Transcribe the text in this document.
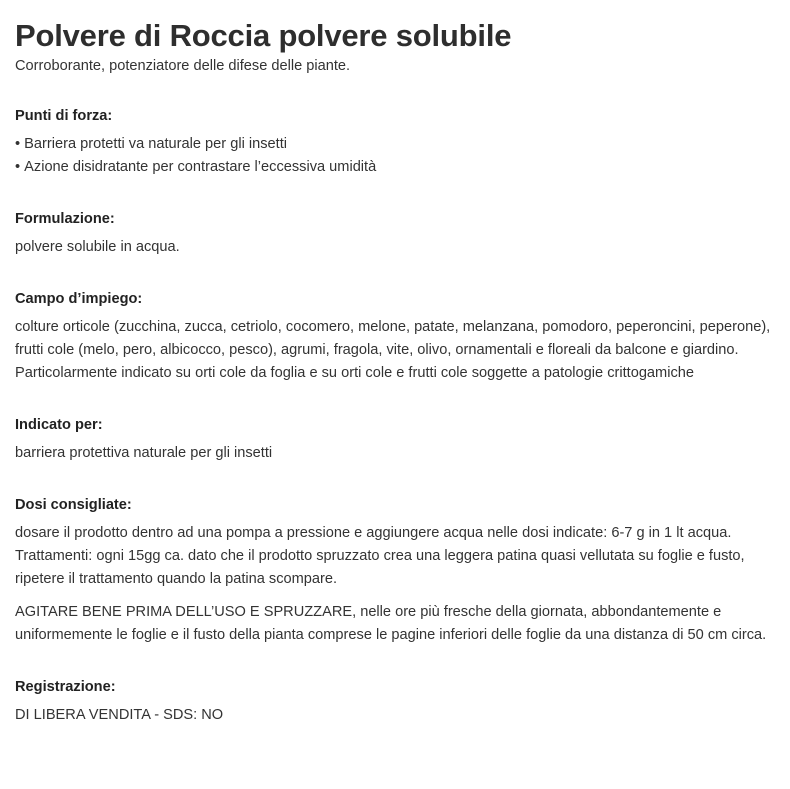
Polvere di Roccia polvere solubile

Corroborante, potenziatore delle difese delle piante.

Punti di forza:
• Barriera protetti va naturale per gli insetti
• Azione disidratante per contrastare l’eccessiva umidità
Formulazione:

polvere solubile in acqua.

Campo d’impiego:

colture orticole (zucchina, zucca, cetriolo, cocomero, melone, patate, melanzana, pomodoro, peperoncini, peperone), frutti cole (melo, pero, albicocco, pesco), agrumi, fragola, vite, olivo, ornamentali e floreali da balcone e giardino. Particolarmente indicato su orti cole da foglia e su orti cole e frutti cole soggette a patologie crittogamiche

Indicato per:

barriera protettiva naturale per gli insetti

Dosi consigliate:

dosare il prodotto dentro ad una pompa a pressione e aggiungere acqua nelle dosi indicate: 6-7 g in 1 lt acqua. Trattamenti: ogni 15gg ca. dato che il prodotto spruzzato crea una leggera patina quasi vellutata su foglie e fusto, ripetere il trattamento quando la patina scompare.

AGITARE BENE PRIMA DELL’USO E SPRUZZARE, nelle ore più fresche della giornata, abbondantemente e uniformemente le foglie e il fusto della pianta comprese le pagine inferiori delle foglie da una distanza di 50 cm circa.

Registrazione:

DI LIBERA VENDITA - SDS: NO
